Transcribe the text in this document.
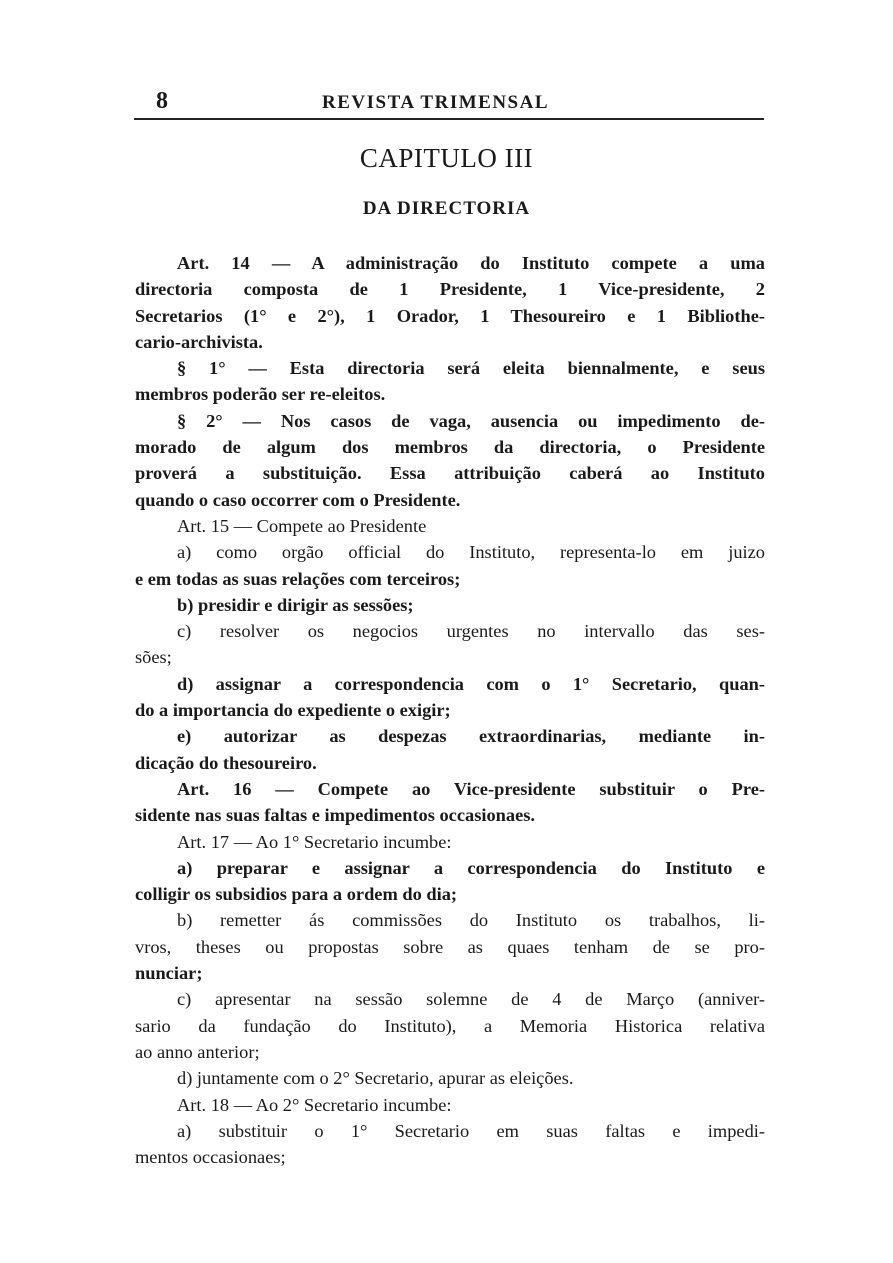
8	REVISTA TRIMENSAL
CAPITULO III
DA DIRECTORIA
Art. 14 — A administração do Instituto compete a uma
directoria composta de 1 Presidente, 1 Vice-presidente, 2
Secretarios (1° e 2°), 1 Orador, 1 Thesoureiro e 1 Bibliothe-
cario-archivista.
§ 1° — Esta directoria será eleita biennalmente, e seus
membros poderão ser re-eleitos.
§ 2° — Nos casos de vaga, ausencia ou impedimento de-
morado de algum dos membros da directoria, o Presidente
proverá a substituição. Essa attribuição caberá ao Instituto
quando o caso occorrer com o Presidente.
Art. 15 — Compete ao Presidente
a) como orgão official do Instituto, representa-lo em juizo
e em todas as suas relações com terceiros;
b) presidir e dirigir as sessões;
c) resolver os negocios urgentes no intervallo das ses-
sões;
d) assignar a correspondencia com o 1° Secretario, quan-
do a importancia do expediente o exigir;
e) autorizar as despezas extraordinarias, mediante in-
dicação do thesoureiro.
Art. 16 — Compete ao Vice-presidente substituir o Pre-
sidente nas suas faltas e impedimentos occasionaes.
Art. 17 — Ao 1° Secretario incumbe:
a) preparar e assignar a correspondencia do Instituto e
colligir os subsidios para a ordem do dia;
b) remetter ás commissões do Instituto os trabalhos, li-
vros, theses ou propostas sobre as quaes tenham de se pro-
nunciar;
c) apresentar na sessão solemne de 4 de Março (anniver-
sario da fundação do Instituto), a Memoria Historica relativa
ao anno anterior;
d) juntamente com o 2° Secretario, apurar as eleições.
Art. 18 — Ao 2° Secretario incumbe:
a) substituir o 1° Secretario em suas faltas e impedi-
mentos occasionaes;
